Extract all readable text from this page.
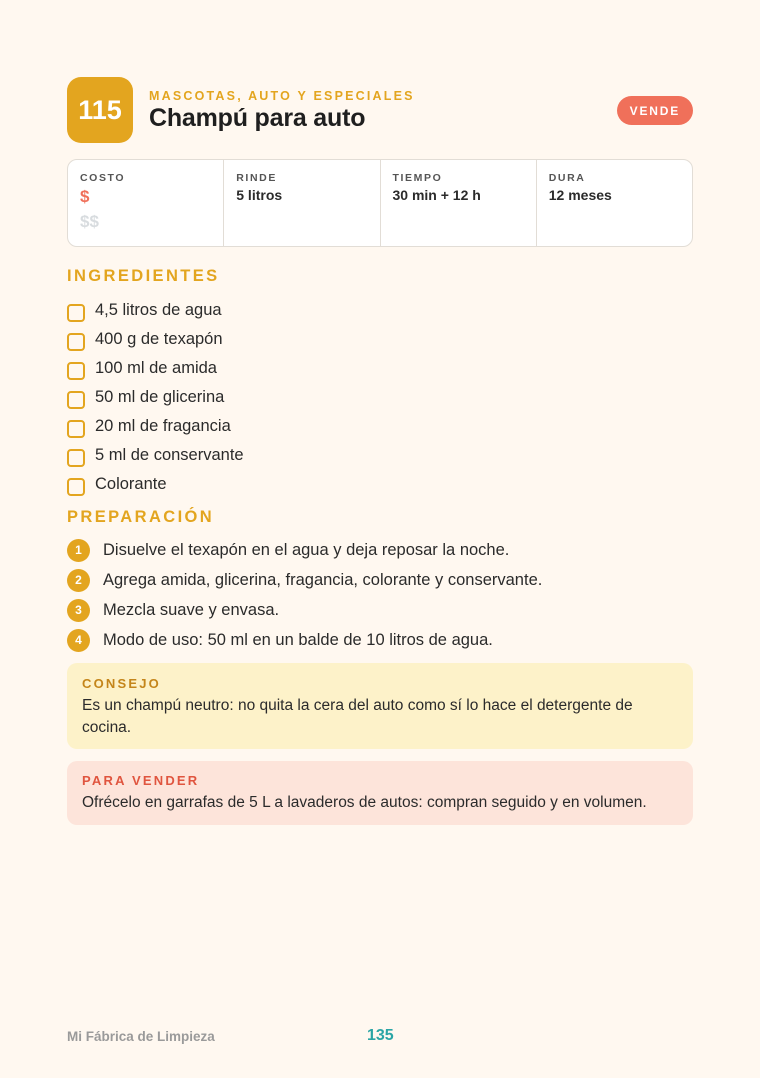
115	MASCOTAS, AUTO Y ESPECIALES
Champú para auto	VENDE
COSTO
$
$$
RINDE
5 litros
TIEMPO
30 min + 12 h
DURA
12 meses
INGREDIENTES
4,5 litros de agua
400 g de texapón
100 ml de amida
50 ml de glicerina
20 ml de fragancia
5 ml de conservante
Colorante
PREPARACIÓN
1	Disuelve el texapón en el agua y deja reposar la noche.
2	Agrega amida, glicerina, fragancia, colorante y conservante.
3	Mezcla suave y envasa.
4	Modo de uso: 50 ml en un balde de 10 litros de agua.
CONSEJO
Es un champú neutro: no quita la cera del auto como sí lo hace el detergente de cocina.
PARA VENDER
Ofrécelo en garrafas de 5 L a lavaderos de autos: compran seguido y en volumen.
Mi Fábrica de Limpieza	135
